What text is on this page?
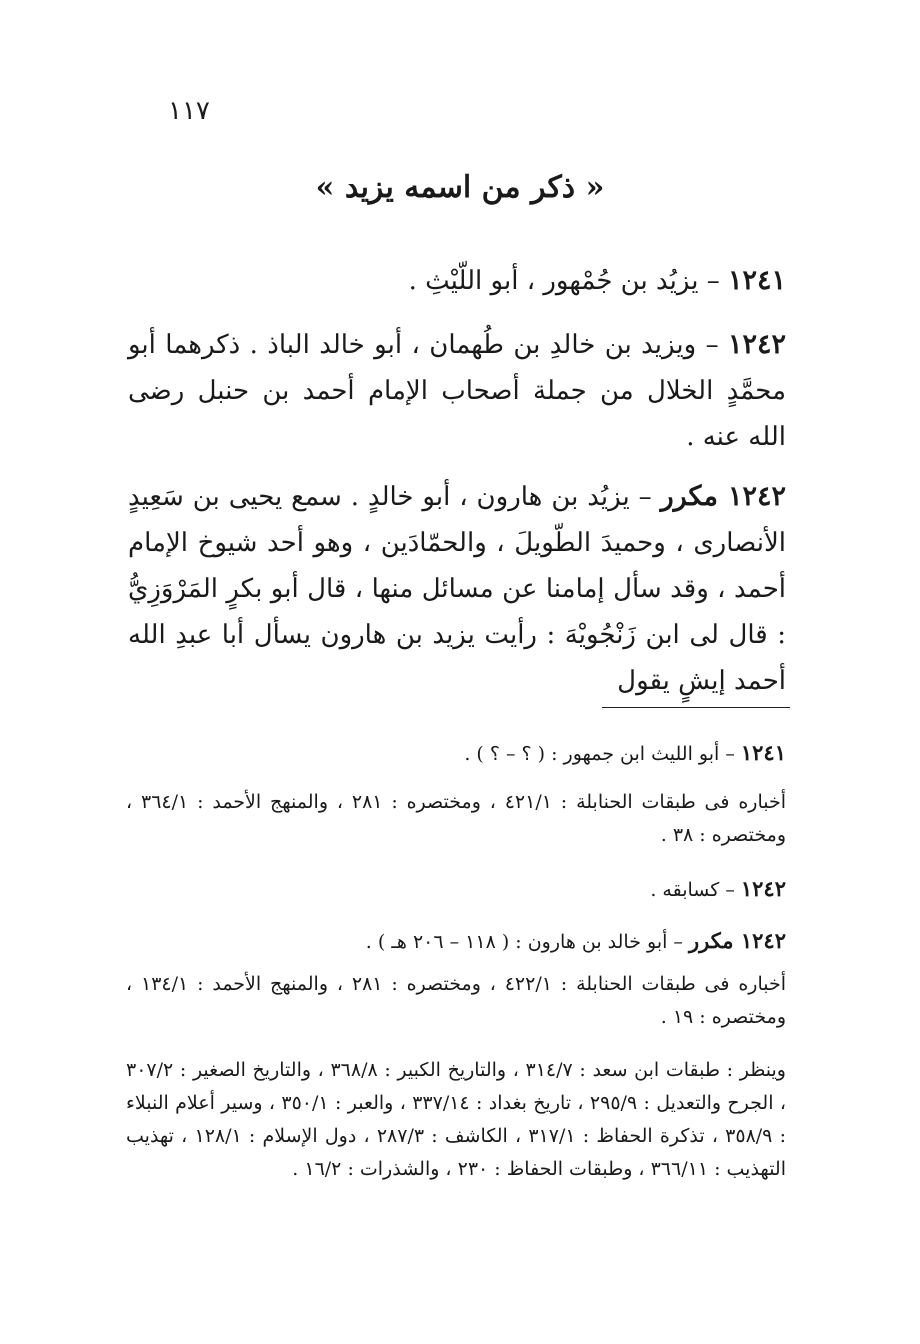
١١٧
« ذكر من اسمه يزيد »
١٢٤١ – يزيُد بن جُمْهور ، أبو اللّيْثِ .
١٢٤٢ – ويزيد بن خالدِ بن طُهمان ، أبو خالد الباذ . ذكرهما أبو محمَّدٍ الخلال من جملة أصحاب الإمام أحمد بن حنبل رضى الله عنه .
١٢٤٢ مكرر – يزيُد بن هارون ، أبو خالدٍ . سمع يحيى بن سَعِيدٍ الأنصارى ، وحميدَ الطّويلَ ، والحمّادَين ، وهو أحد شيوخ الإمام أحمد ، وقد سأل إمامنا عن مسائل منها ، قال أبو بكرٍ المَرْوَزِيُّ : قال لى ابن زَنْجُويْهَ : رأيت يزيد بن هارون يسأل أبا عبدِ الله أحمد إيشٍ يقول
١٢٤١ – أبو الليث ابن جمهور : ( ؟ – ؟ ) .
أخباره فى طبقات الحنابلة : ٤٢١/١ ، ومختصره : ٢٨١ ، والمنهج الأحمد : ٣٦٤/١ ، ومختصره : ٣٨ .
١٢٤٢ – كسابقه .
١٢٤٢ مكرر – أبو خالد بن هارون : ( ١١٨ – ٢٠٦ هـ ) .
أخباره فى طبقات الحنابلة : ٤٢٢/١ ، ومختصره : ٢٨١ ، والمنهج الأحمد : ١٣٤/١ ، ومختصره : ١٩ .
وينظر : طبقات ابن سعد : ٣١٤/٧ ، والتاريخ الكبير : ٣٦٨/٨ ، والتاريخ الصغير : ٣٠٧/٢ ، الجرح والتعديل : ٢٩٥/٩ ، تاريخ بغداد : ٣٣٧/١٤ ، والعبر : ٣٥٠/١ ، وسير أعلام النبلاء : ٣٥٨/٩ ، تذكرة الحفاظ : ٣١٧/١ ، الكاشف : ٢٨٧/٣ ، دول الإسلام : ١٢٨/١ ، تهذيب التهذيب : ٣٦٦/١١ ، وطبقات الحفاظ : ٢٣٠ ، والشذرات : ١٦/٢ .
